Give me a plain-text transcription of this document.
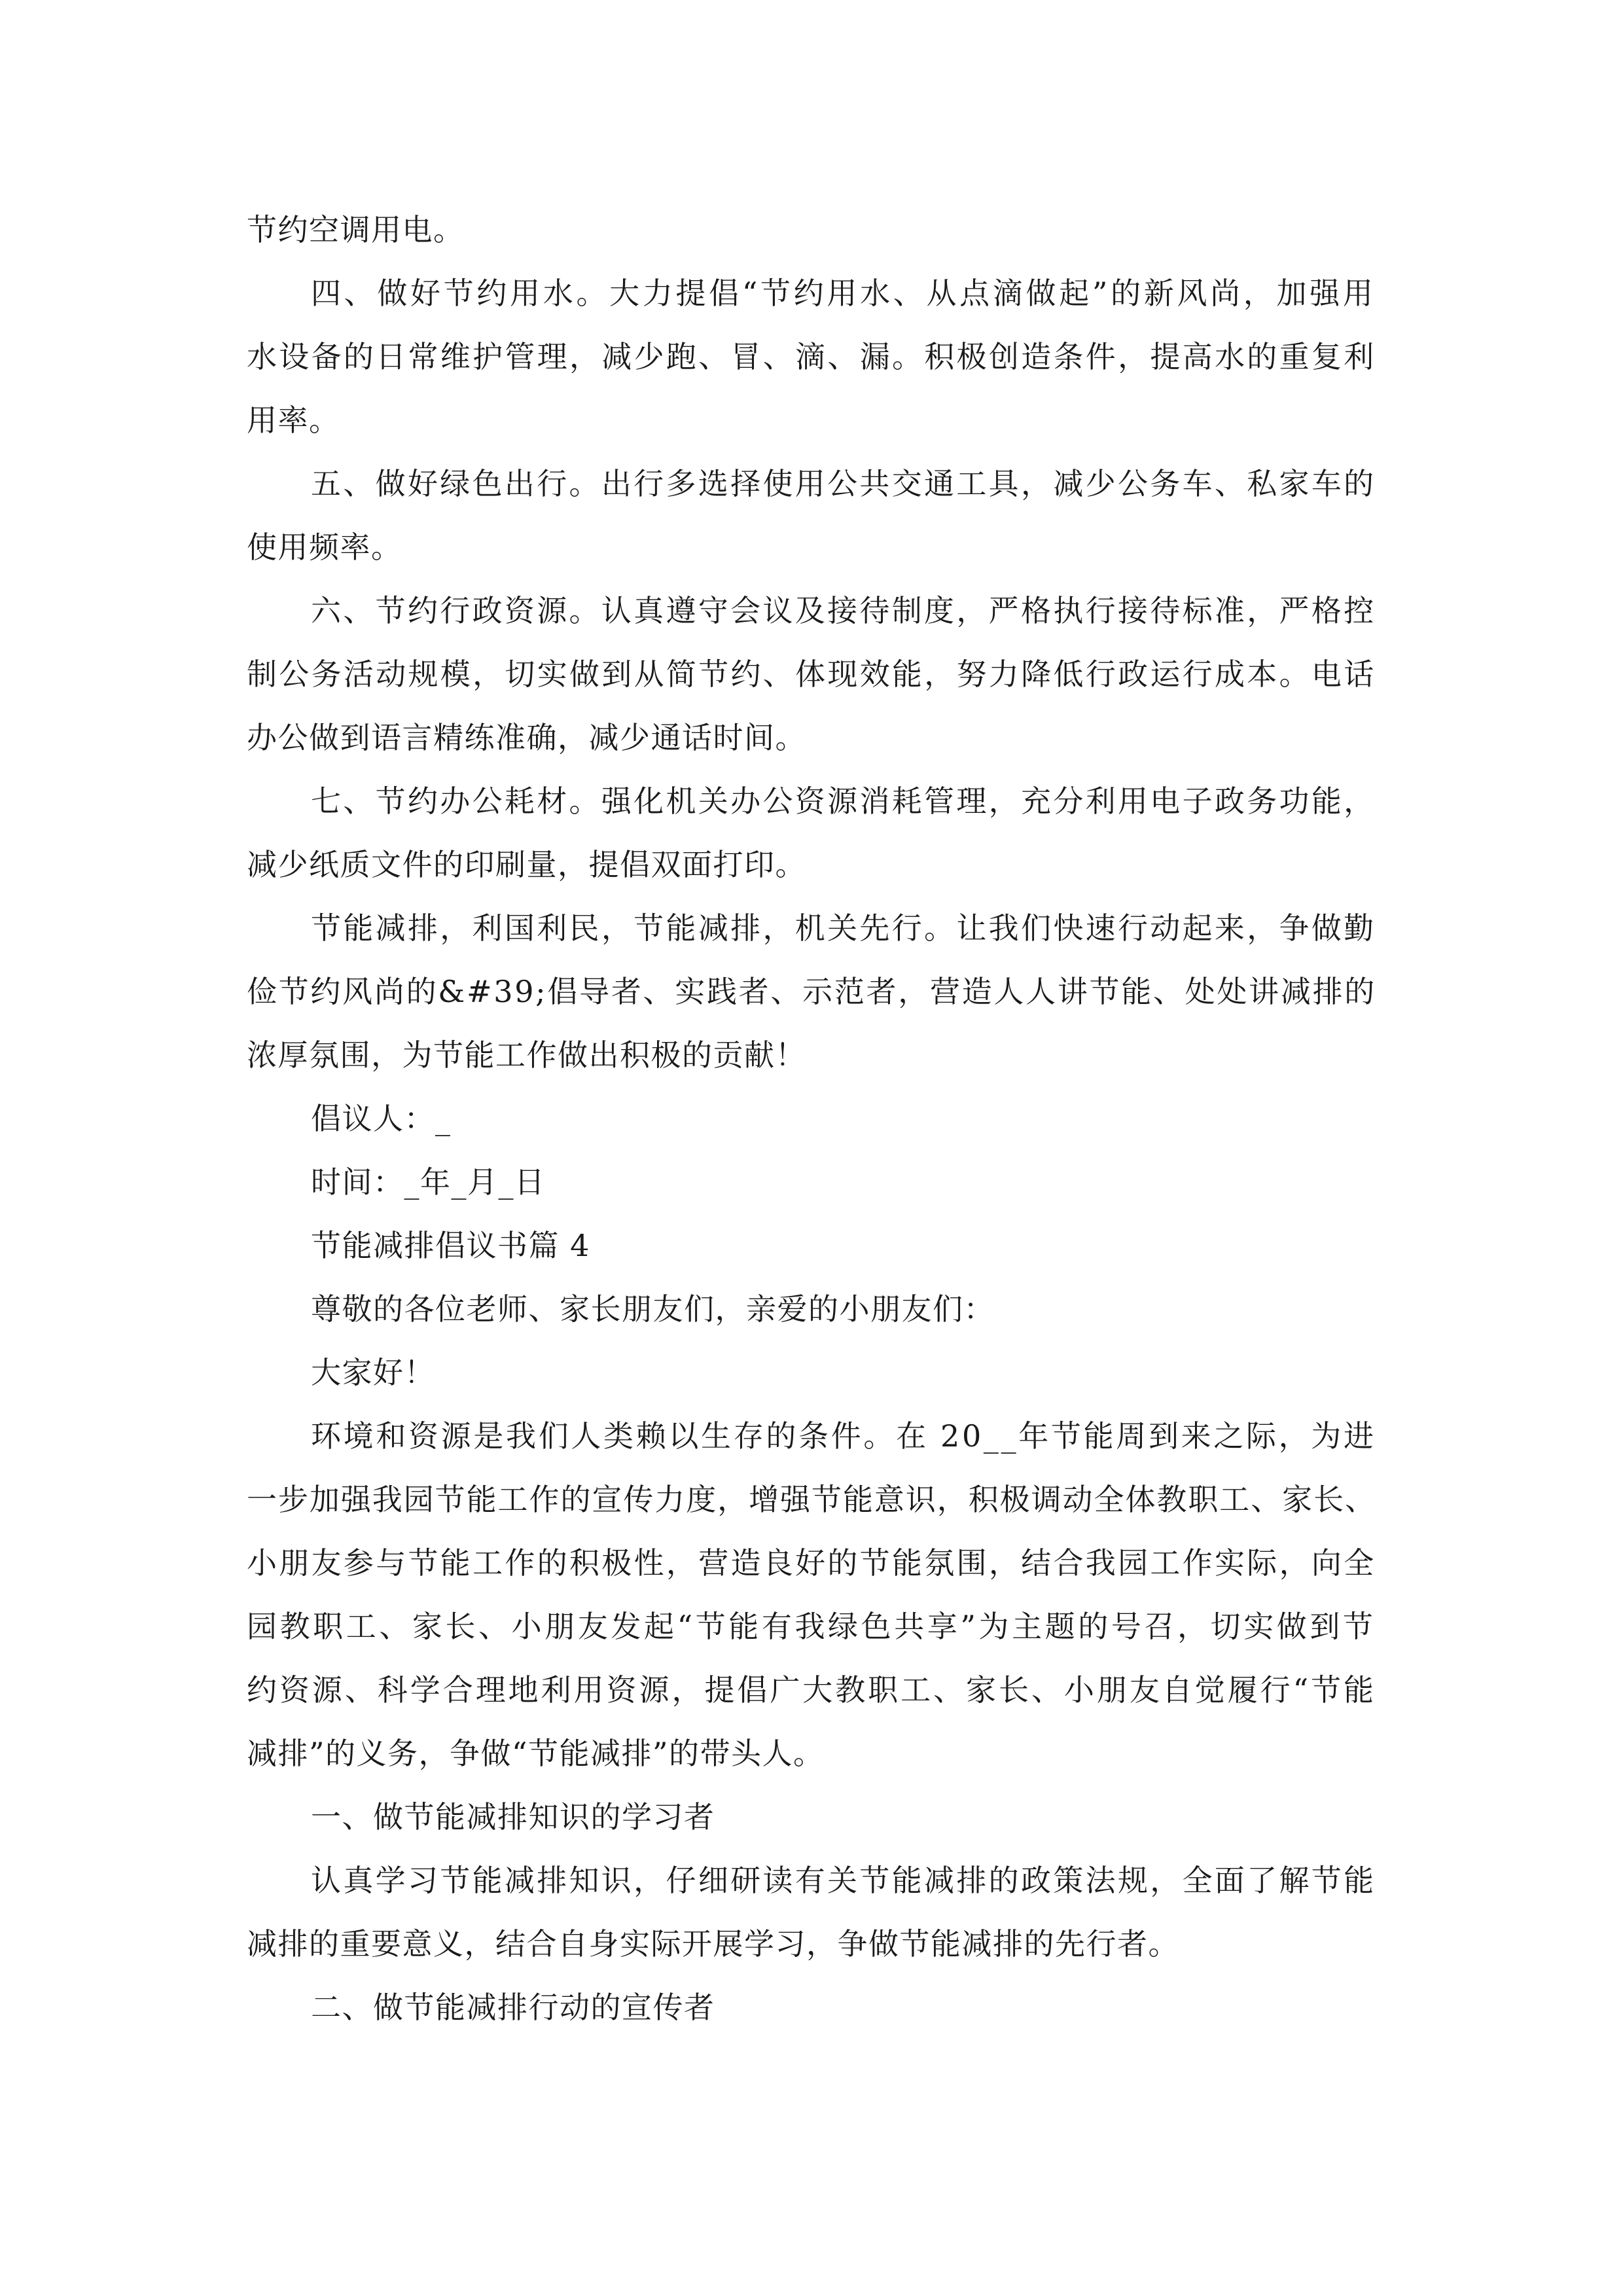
节约空调用电。

四、做好节约用水。大力提倡“节约用水、从点滴做起”的新风尚，加强用

水设备的日常维护管理，减少跑、冒、滴、漏。积极创造条件，提高水的重复利

用率。

五、做好绿色出行。出行多选择使用公共交通工具，减少公务车、私家车的

使用频率。

六、节约行政资源。认真遵守会议及接待制度，严格执行接待标准，严格控

制公务活动规模，切实做到从简节约、体现效能，努力降低行政运行成本。电话

办公做到语言精练准确，减少通话时间。

七、节约办公耗材。强化机关办公资源消耗管理，充分利用电子政务功能，

减少纸质文件的印刷量，提倡双面打印。

节能减排，利国利民，节能减排，机关先行。让我们快速行动起来，争做勤

俭节约风尚的&#39;倡导者、实践者、示范者，营造人人讲节能、处处讲减排的

浓厚氛围，为节能工作做出积极的贡献！

倡议人：_

时间：_年_月_日

节能减排倡议书篇 4

尊敬的各位老师、家长朋友们，亲爱的小朋友们：

大家好！

环境和资源是我们人类赖以生存的条件。在 20__年节能周到来之际，为进

一步加强我园节能工作的宣传力度，增强节能意识，积极调动全体教职工、家长、

小朋友参与节能工作的积极性，营造良好的节能氛围，结合我园工作实际，向全

园教职工、家长、小朋友发起“节能有我绿色共享”为主题的号召，切实做到节

约资源、科学合理地利用资源，提倡广大教职工、家长、小朋友自觉履行“节能

减排”的义务，争做“节能减排”的带头人。

一、做节能减排知识的学习者

认真学习节能减排知识，仔细研读有关节能减排的政策法规，全面了解节能

减排的重要意义，结合自身实际开展学习，争做节能减排的先行者。

二、做节能减排行动的宣传者
